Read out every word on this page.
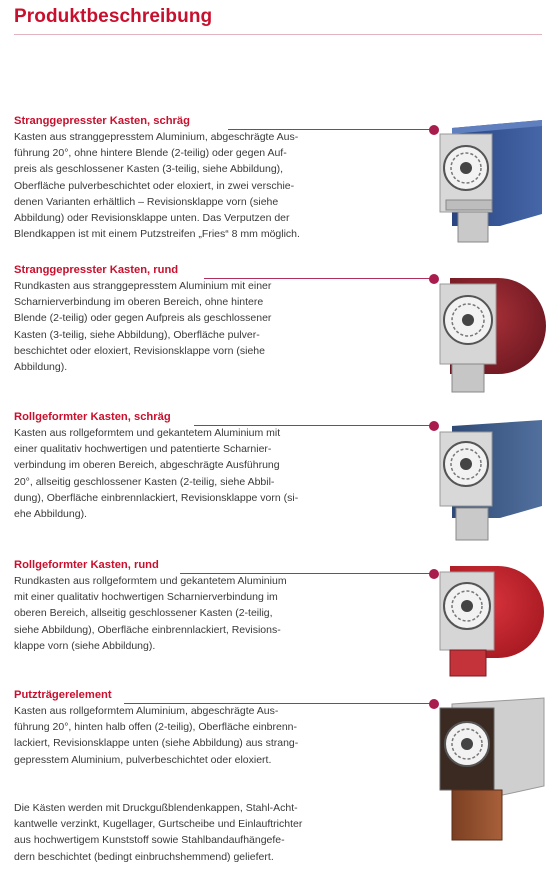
Produktbeschreibung
Stranggepresster Kasten, schräg

Kasten aus stranggepresstem Aluminium, abgeschrägte Aus-
führung 20°, ohne hintere Blende (2-teilig) oder gegen Auf-
preis als geschlossener Kasten (3-teilig, siehe Abbildung),
Oberfläche pulverbeschichtet oder eloxiert, in zwei verschie-
denen Varianten erhältlich – Revisionsklappe vorn (siehe
Abbildung) oder Revisionsklappe unten. Das Verputzen der
Blendkappen ist mit einem Putzstreifen „Fries“ 8 mm möglich.

Stranggepresster Kasten, rund

Rundkasten aus stranggepresstem Aluminium mit einer
Scharnierverbindung im oberen Bereich, ohne hintere
Blende (2-teilig) oder gegen Aufpreis als geschlossener
Kasten (3-teilig, siehe Abbildung), Oberfläche pulver-
beschichtet oder eloxiert, Revisionsklappe vorn (siehe
Abbildung).

Rollgeformter Kasten, schräg

Kasten aus rollgeformtem und gekantetem Aluminium mit
einer qualitativ hochwertigen und patentierte Scharnier-
verbindung im oberen Bereich, abgeschrägte Ausführung
20°, allseitig geschlossener Kasten (2-teilig, siehe Abbil-
dung), Oberfläche einbrennlackiert, Revisionsklappe vorn (si-
ehe Abbildung).

Rollgeformter Kasten, rund

Rundkasten aus rollgeformtem und gekantetem Aluminium
mit einer qualitativ hochwertigen Scharnierverbindung im
oberen Bereich, allseitig geschlossener Kasten (2-teilig,
siehe Abbildung), Oberfläche einbrennlackiert, Revisions-
klappe vorn (siehe Abbildung).

Putzträgerelement

Kasten aus rollgeformtem Aluminium, abgeschrägte Aus-
führung 20°, hinten halb offen (2-teilig), Oberfläche einbrenn-
lackiert, Revisionsklappe unten (siehe Abbildung) aus strang-
gepresstem Aluminium, pulverbeschichtet oder eloxiert.

Die Kästen werden mit Druckgußblendenkappen, Stahl-Acht-
kantwelle verzinkt, Kugellager, Gurtscheibe und Einlauftrichter
aus hochwertigem Kunststoff sowie Stahlbandaufhängefe-
dern beschichtet (bedingt einbruchshemmend) geliefert.
